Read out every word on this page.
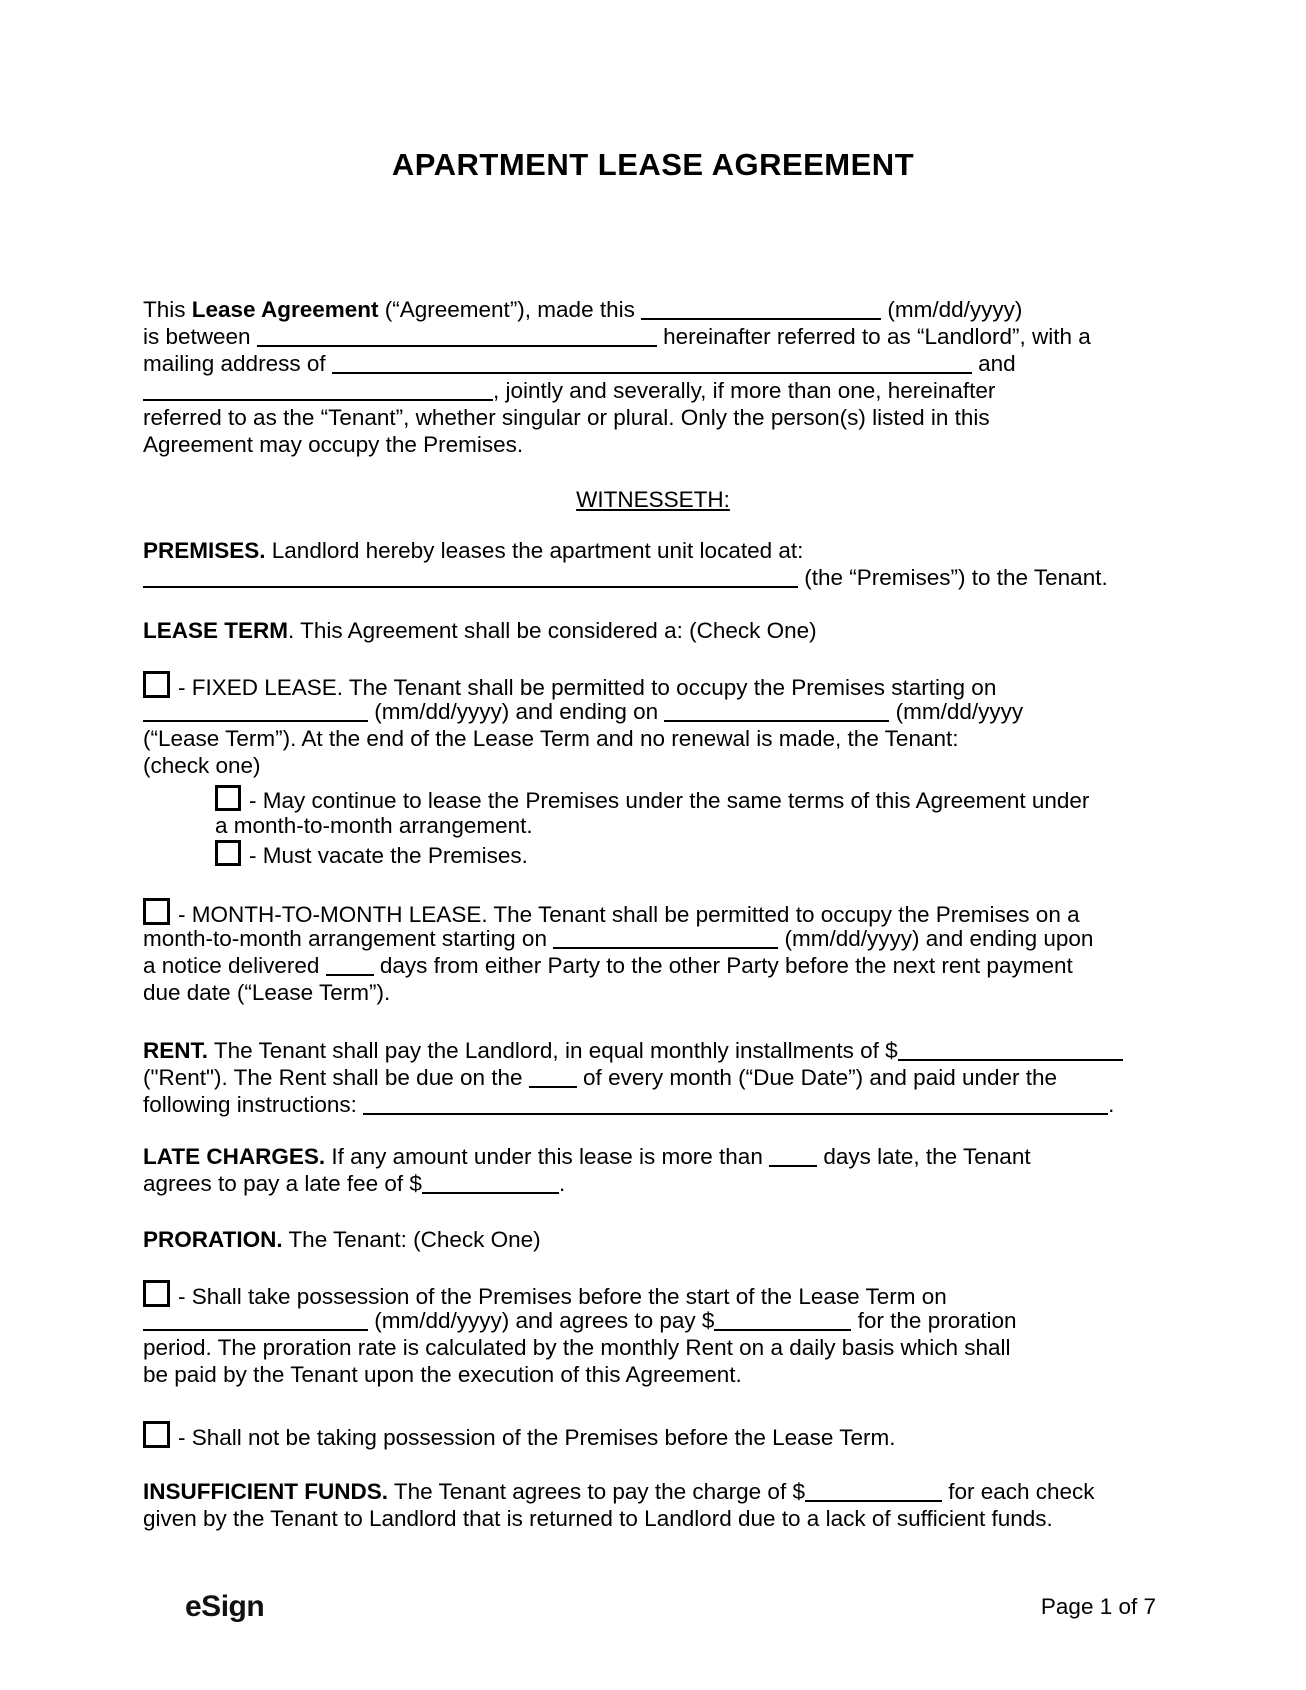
APARTMENT LEASE AGREEMENT
This Lease Agreement (“Agreement”), made this	(mm/dd/yyyy)
is between	hereinafter referred to as “Landlord”, with a
mailing address of	and
, jointly and severally, if more than one, hereinafter
referred to as the “Tenant”, whether singular or plural. Only the person(s) listed in this
Agreement may occupy the Premises.
WITNESSETH:
PREMISES. Landlord hereby leases the apartment unit located at:
(the “Premises”) to the Tenant.
LEASE TERM. This Agreement shall be considered a: (Check One)
- FIXED LEASE. The Tenant shall be permitted to occupy the Premises starting on
(mm/dd/yyyy) and ending on	(mm/dd/yyyy
(“Lease Term”). At the end of the Lease Term and no renewal is made, the Tenant:
(check one)
- May continue to lease the Premises under the same terms of this Agreement under
a month-to-month arrangement.
- Must vacate the Premises.
- MONTH-TO-MONTH LEASE. The Tenant shall be permitted to occupy the Premises on a
month-to-month arrangement starting on	(mm/dd/yyyy) and ending upon
a notice delivered  days from either Party to the other Party before the next rent payment
due date (“Lease Term”).
RENT. The Tenant shall pay the Landlord, in equal monthly installments of $
("Rent"). The Rent shall be due on the  of every month (“Due Date”) and paid under the
following instructions:	.
LATE CHARGES. If any amount under this lease is more than  days late, the Tenant
agrees to pay a late fee of $	.
PRORATION. The Tenant: (Check One)
- Shall take possession of the Premises before the start of the Lease Term on
(mm/dd/yyyy) and agrees to pay $	for the proration
period. The proration rate is calculated by the monthly Rent on a daily basis which shall
be paid by the Tenant upon the execution of this Agreement.
- Shall not be taking possession of the Premises before the Lease Term.
INSUFFICIENT FUNDS. The Tenant agrees to pay the charge of $	for each check
given by the Tenant to Landlord that is returned to Landlord due to a lack of sufficient funds.
eSign	Page 1 of 7
